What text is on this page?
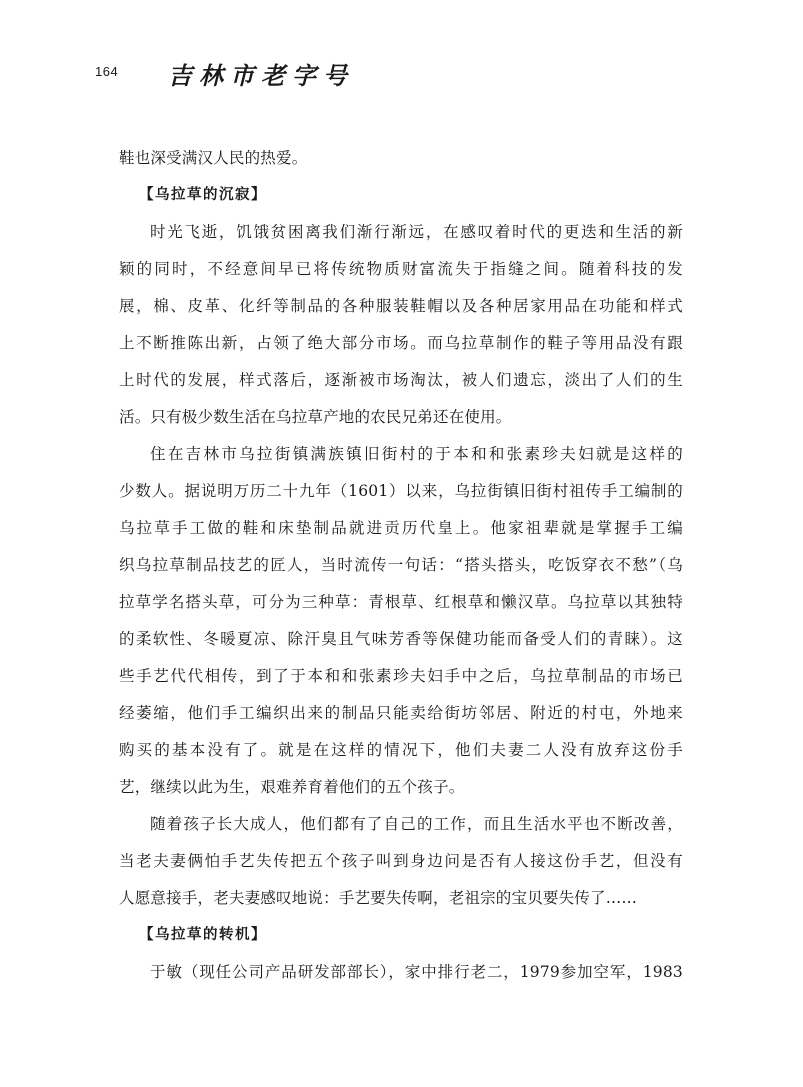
164 吉林市老字号
鞋也深受满汉人民的热爱。
【乌拉草的沉寂】
时光飞逝，饥饿贫困离我们渐行渐远，在感叹着时代的更迭和生活的新
颖的同时，不经意间早已将传统物质财富流失于指缝之间。随着科技的发
展，棉、皮革、化纤等制品的各种服装鞋帽以及各种居家用品在功能和样式
上不断推陈出新，占领了绝大部分市场。而乌拉草制作的鞋子等用品没有跟
上时代的发展，样式落后，逐渐被市场淘汰，被人们遗忘，淡出了人们的生
活。只有极少数生活在乌拉草产地的农民兄弟还在使用。
住在吉林市乌拉街镇满族镇旧街村的于本和和张素珍夫妇就是这样的
少数人。据说明万历二十九年（1601）以来，乌拉街镇旧街村祖传手工编制的
乌拉草手工做的鞋和床垫制品就进贡历代皇上。他家祖辈就是掌握手工编
织乌拉草制品技艺的匠人，当时流传一句话：“搭头搭头，吃饭穿衣不愁”（乌
拉草学名搭头草，可分为三种草：青根草、红根草和懒汉草。乌拉草以其独特
的柔软性、冬暖夏凉、除汗臭且气味芳香等保健功能而备受人们的青睐）。这
些手艺代代相传，到了于本和和张素珍夫妇手中之后，乌拉草制品的市场已
经萎缩，他们手工编织出来的制品只能卖给街坊邻居、附近的村屯，外地来
购买的基本没有了。就是在这样的情况下，他们夫妻二人没有放弃这份手
艺，继续以此为生，艰难养育着他们的五个孩子。
随着孩子长大成人，他们都有了自己的工作，而且生活水平也不断改善，
当老夫妻俩怕手艺失传把五个孩子叫到身边问是否有人接这份手艺，但没有
人愿意接手，老夫妻感叹地说：手艺要失传啊，老祖宗的宝贝要失传了……
【乌拉草的转机】
于敏（现任公司产品研发部部长），家中排行老二，1979参加空军，1983
